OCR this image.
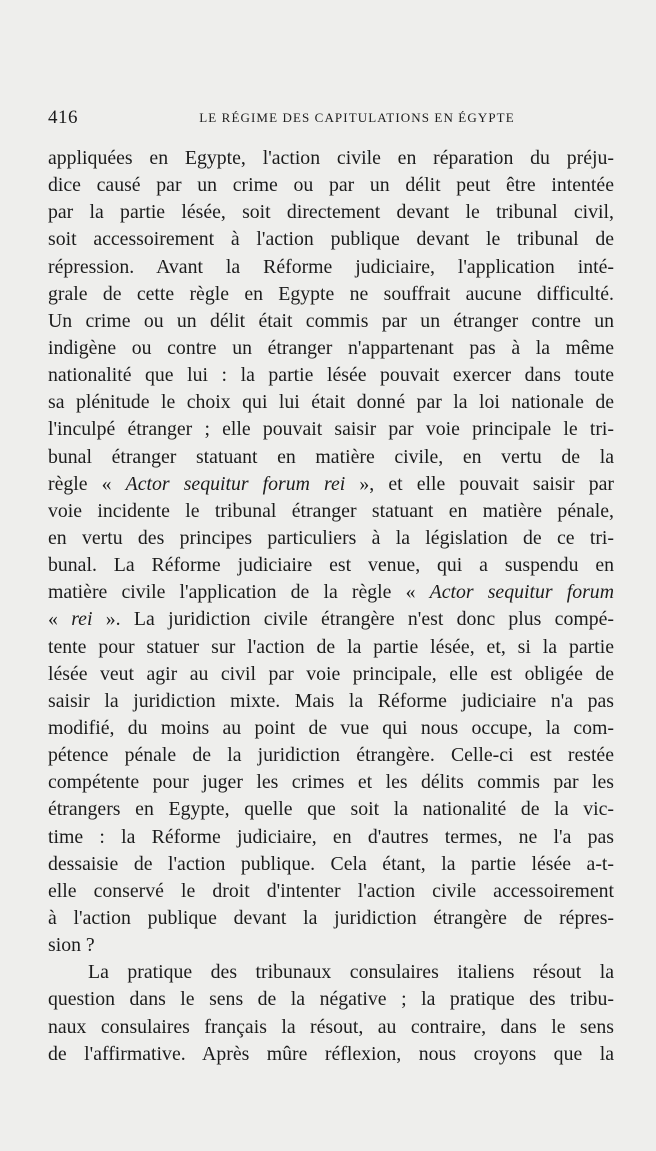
416	LE RÉGIME DES CAPITULATIONS EN ÉGYPTE
appliquées en Egypte, l'action civile en réparation du préju-
dice causé par un crime ou par un délit peut être intentée
par la partie lésée, soit directement devant le tribunal civil,
soit accessoirement à l'action publique devant le tribunal de
répression. Avant la Réforme judiciaire, l'application inté-
grale de cette règle en Egypte ne souffrait aucune difficulté.
Un crime ou un délit était commis par un étranger contre un
indigène ou contre un étranger n'appartenant pas à la même
nationalité que lui : la partie lésée pouvait exercer dans toute
sa plénitude le choix qui lui était donné par la loi nationale de
l'inculpé étranger ; elle pouvait saisir par voie principale le tri-
bunal étranger statuant en matière civile, en vertu de la
règle « Actor sequitur forum rei », et elle pouvait saisir par
voie incidente le tribunal étranger statuant en matière pénale,
en vertu des principes particuliers à la législation de ce tri-
bunal. La Réforme judiciaire est venue, qui a suspendu en
matière civile l'application de la règle « Actor sequitur forum
« rei ». La juridiction civile étrangère n'est donc plus compé-
tente pour statuer sur l'action de la partie lésée, et, si la partie
lésée veut agir au civil par voie principale, elle est obligée de
saisir la juridiction mixte. Mais la Réforme judiciaire n'a pas
modifié, du moins au point de vue qui nous occupe, la com-
pétence pénale de la juridiction étrangère. Celle-ci est restée
compétente pour juger les crimes et les délits commis par les
étrangers en Egypte, quelle que soit la nationalité de la vic-
time : la Réforme judiciaire, en d'autres termes, ne l'a pas
dessaisie de l'action publique. Cela étant, la partie lésée a-t-
elle conservé le droit d'intenter l'action civile accessoirement
à l'action publique devant la juridiction étrangère de répres-
sion ?
La pratique des tribunaux consulaires italiens résout la
question dans le sens de la négative ; la pratique des tribu-
naux consulaires français la résout, au contraire, dans le sens
de l'affirmative. Après mûre réflexion, nous croyons que la
